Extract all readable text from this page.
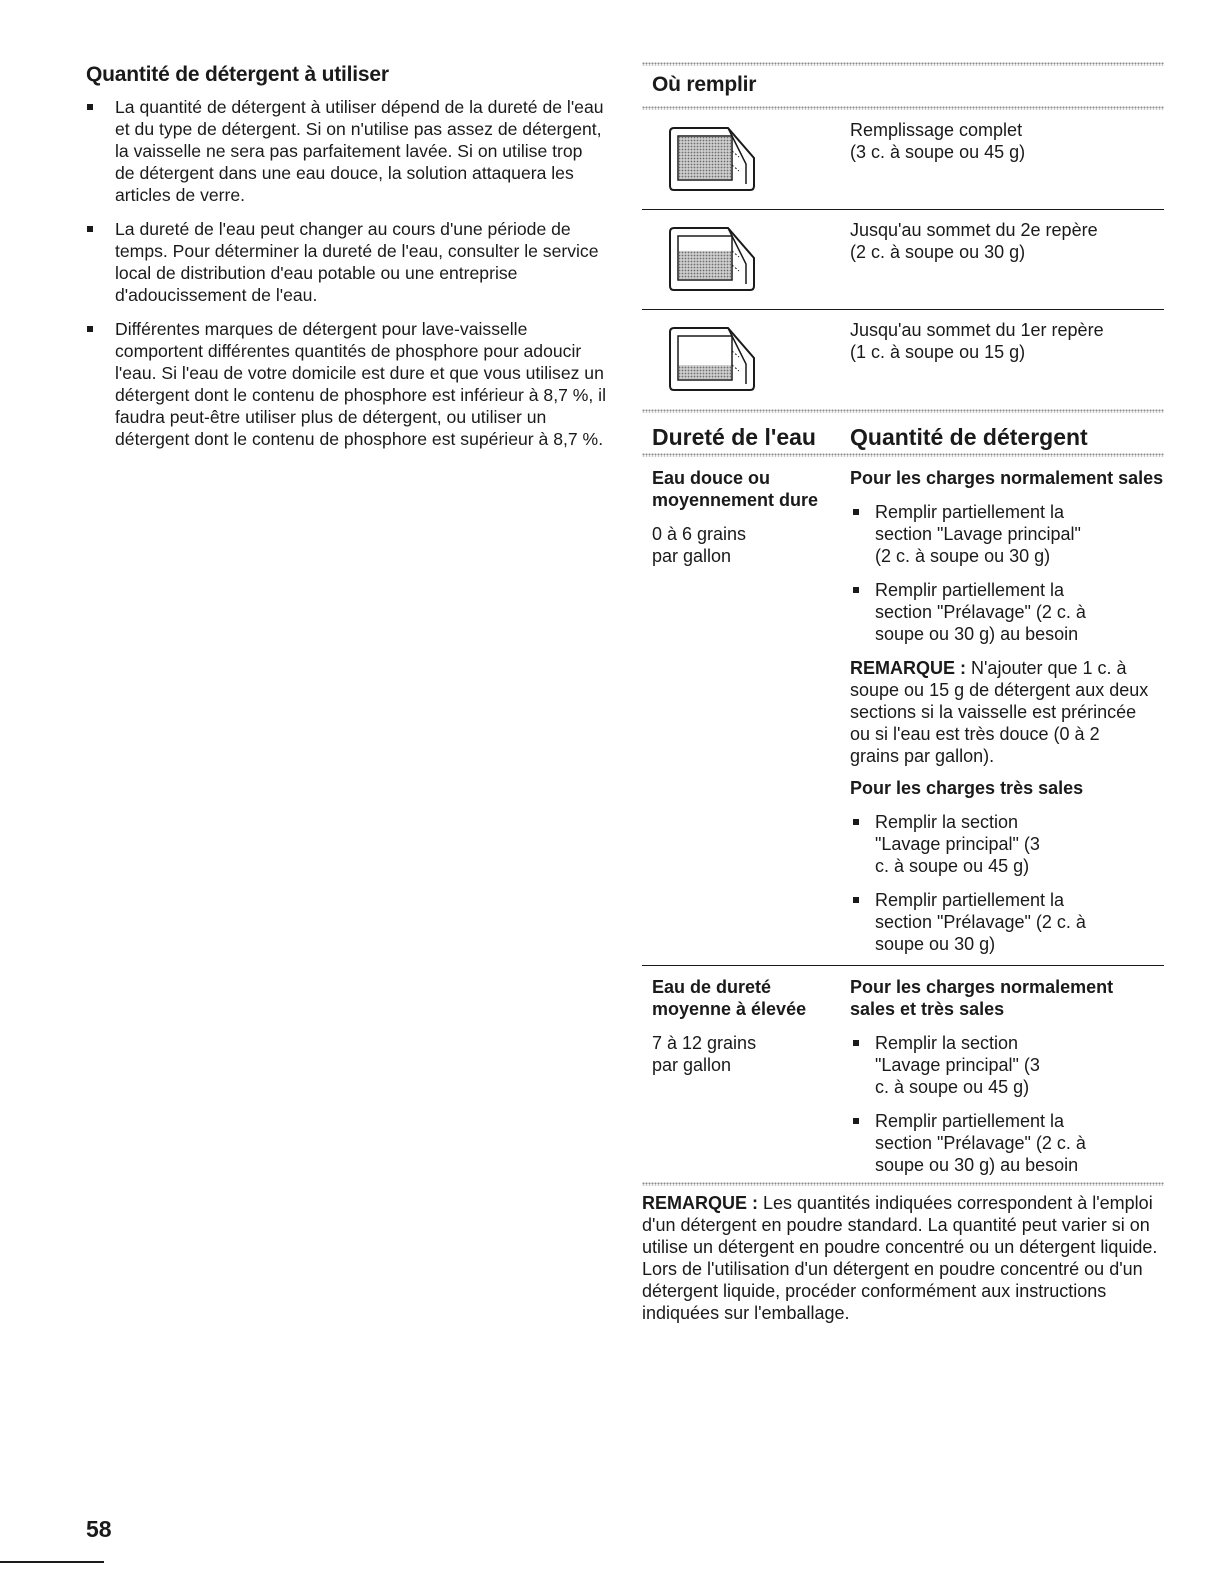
Quantité de détergent à utiliser
La quantité de détergent à utiliser dépend de la dureté de l'eau et du type de détergent. Si on n'utilise pas assez de détergent, la vaisselle ne sera pas parfaitement lavée. Si on utilise trop de détergent dans une eau douce, la solution attaquera les articles de verre.
La dureté de l'eau peut changer au cours d'une période de temps. Pour déterminer la dureté de l'eau, consulter le service local de distribution d'eau potable ou une entreprise d'adoucissement de l'eau.
Différentes marques de détergent pour lave-vaisselle comportent différentes quantités de phosphore pour adoucir l'eau. Si l'eau de votre domicile est dure et que vous utilisez un détergent dont le contenu de phosphore est inférieur à 8,7 %, il faudra peut-être utiliser plus de détergent, ou utiliser un détergent dont le contenu de phosphore est supérieur à 8,7 %.
Où remplir
Remplissage complet
(3 c. à soupe ou 45 g)
Jusqu'au sommet du 2e repère
(2 c. à soupe ou 30 g)
Jusqu'au sommet du 1er repère
(1 c. à soupe ou 15 g)
Dureté de l'eau	Quantité de détergent
Eau douce ou moyennement dure

0 à 6 grains par gallon

Pour les charges normalement sales
Remplir partiellement la section "Lavage principal" (2 c. à soupe ou 30 g)
Remplir partiellement la section "Prélavage" (2 c. à soupe ou 30 g) au besoin

REMARQUE : N'ajouter que 1 c. à soupe ou 15 g de détergent aux deux sections si la vaisselle est prérincée ou si l'eau est très douce (0 à 2 grains par gallon).

Pour les charges très sales
Remplir la section "Lavage principal" (3 c. à soupe ou 45 g)
Remplir partiellement la section "Prélavage" (2 c. à soupe ou 30 g)
Eau de dureté moyenne à élevée

7 à 12 grains par gallon

Pour les charges normalement sales et très sales
Remplir la section "Lavage principal" (3 c. à soupe ou 45 g)
Remplir partiellement la section "Prélavage" (2 c. à soupe ou 30 g) au besoin

REMARQUE : Les quantités indiquées correspondent à l'emploi d'un détergent en poudre standard. La quantité peut varier si on utilise un détergent en poudre concentré ou un détergent liquide. Lors de l'utilisation d'un détergent en poudre concentré ou d'un détergent liquide, procéder conformément aux instructions indiquées sur l'emballage.

58
